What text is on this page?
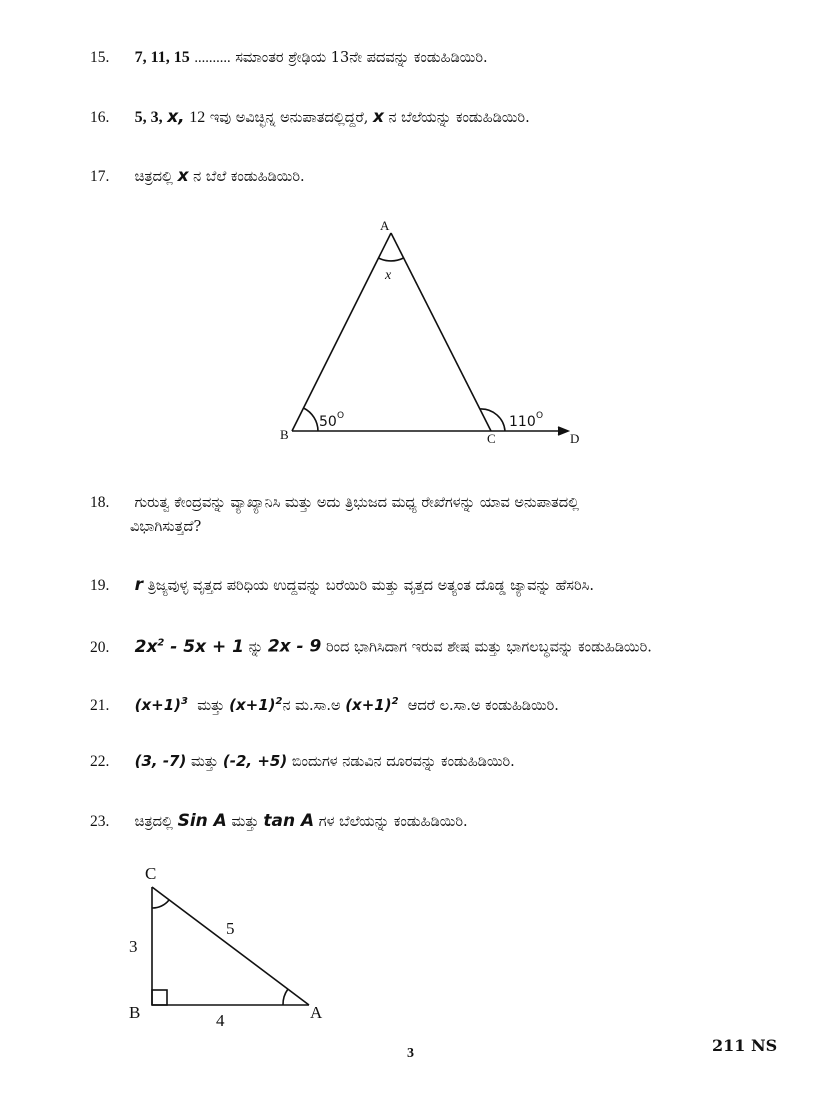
15. 7, 11, 15 .......... ಸಮಾಂತರ ಶ್ರೇಢಿಯ 13ನೇ ಪದವನ್ನು ಕಂಡುಹಿಡಿಯಿರಿ.
16. 5, 3, x, 12 ಇವು ಅವಿಚ್ಛಿನ್ನ ಅನುಪಾತದಲ್ಲಿದ್ದರೆ, x ನ ಬೆಲೆಯನ್ನು ಕಂಡುಹಿಡಿಯಿರಿ.
17. ಚಿತ್ರದಲ್ಲಿ x ನ ಬೆಲೆ ಕಂಡುಹಿಡಿಯಿರಿ.
A
B	C	D
x
50 O	110 O
C
B	A
3
4
5
18. ಗುರುತ್ವ ಕೇಂದ್ರವನ್ನು ವ್ಯಾಖ್ಯಾನಿಸಿ ಮತ್ತು ಅದು ತ್ರಿಭುಜದ ಮಧ್ಯ ರೇಖೆಗಳನ್ನು ಯಾವ ಅನುಪಾತದಲ್ಲಿ
ವಿಭಾಗಿಸುತ್ತದೆ?
19. r ತ್ರಿಜ್ಯವುಳ್ಳ ವೃತ್ತದ ಪರಿಧಿಯ ಉದ್ದವನ್ನು ಬರೆಯಿರಿ ಮತ್ತು ವೃತ್ತದ ಅತ್ಯಂತ ದೊಡ್ಡ ಜ್ಯಾವನ್ನು ಹೆಸರಿಸಿ.
20. $2x^2 - 5x + 1$ ನ್ನು 2x - 9 ರಿಂದ ಭಾಗಿಸಿದಾಗ ಇರುವ ಶೇಷ ಮತ್ತು ಭಾಗಲಬ್ಧವನ್ನು ಕಂಡುಹಿಡಿಯಿರಿ.
21. $(x+1)^3$ ಮತ್ತು $(x+1)^2ನ$ ಮ.ಸಾ.ಅ $(x+1)^2$ ಆದರೆ ಲ.ಸಾ.ಅ ಕಂಡುಹಿಡಿಯಿರಿ.
22. (3, -7) ಮತ್ತು (-2, +5) ಬಿಂದುಗಳ ನಡುವಿನ ದೂರವನ್ನು ಕಂಡುಹಿಡಿಯಿರಿ.
23. ಚಿತ್ರದಲ್ಲಿ Sin A ಮತ್ತು tan A ಗಳ ಬೆಲೆಯನ್ನು ಕಂಡುಹಿಡಿಯಿರಿ.
3	211 NS
